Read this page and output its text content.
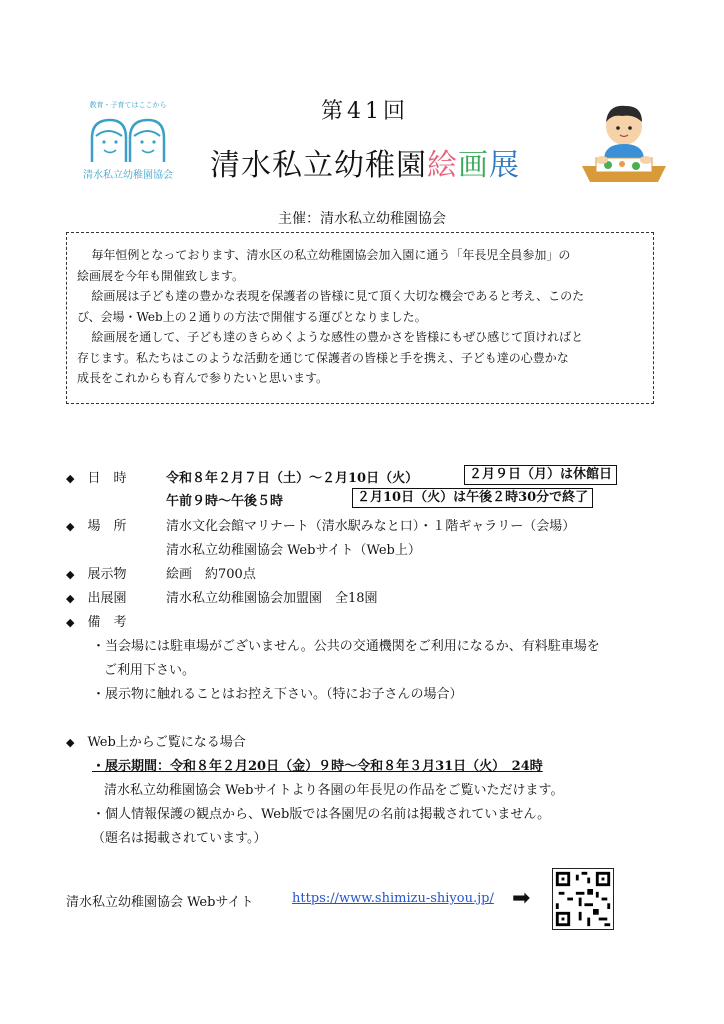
教育・子育てはここから
清水私立幼稚園協会
第41回
清水私立幼稚園絵画展
主催：清水私立幼稚園協会

毎年恒例となっております、清水区の私立幼稚園協会加入園に通う「年長児全員参加」の
絵画展を今年も開催致します。

絵画展は子ども達の豊かな表現を保護者の皆様に見て頂く大切な機会であると考え、このた
び、会場・Web上の２通りの方法で開催する運びとなりました。

絵画展を通して、子ども達のきらめくような感性の豊かさを皆様にもぜひ感じて頂ければと
存じます。私たちはこのような活動を通じて保護者の皆様と手を携え、子ども達の心豊かな
成長をこれからも育んで参りたいと思います。

◆　 日　時	令和８年２月７日（土）〜２月10日（火）	２月９日（月）は休館日
午前９時〜午後５時	２月10日（火）は午後２時30分で終了
◆　 場　所	清水文化会館マリナート（清水駅みなと口）・１階ギャラリー（会場）
清水私立幼稚園協会 Webサイト（Web上）
◆　 展示物	絵画　約700点
◆　 出展園	清水私立幼稚園協会加盟園　全18園
◆　 備　考
・当会場には駐車場がございません。公共の交通機関をご利用になるか、有料駐車場を
ご利用下さい。
・展示物に触れることはお控え下さい。（特にお子さんの場合）
◆　 Web上からご覧になる場合
・展示期間：令和８年２月20日（金）９時〜令和８年３月31日（火）　24時
清水私立幼稚園協会 Webサイトより各園の年長児の作品をご覧いただけます。
・個人情報保護の観点から、Web版では各園児の名前は掲載されていません。
（題名は掲載されています。）
清水私立幼稚園協会 Webサイト	https://www.shimizu-shiyou.jp/ ➡
